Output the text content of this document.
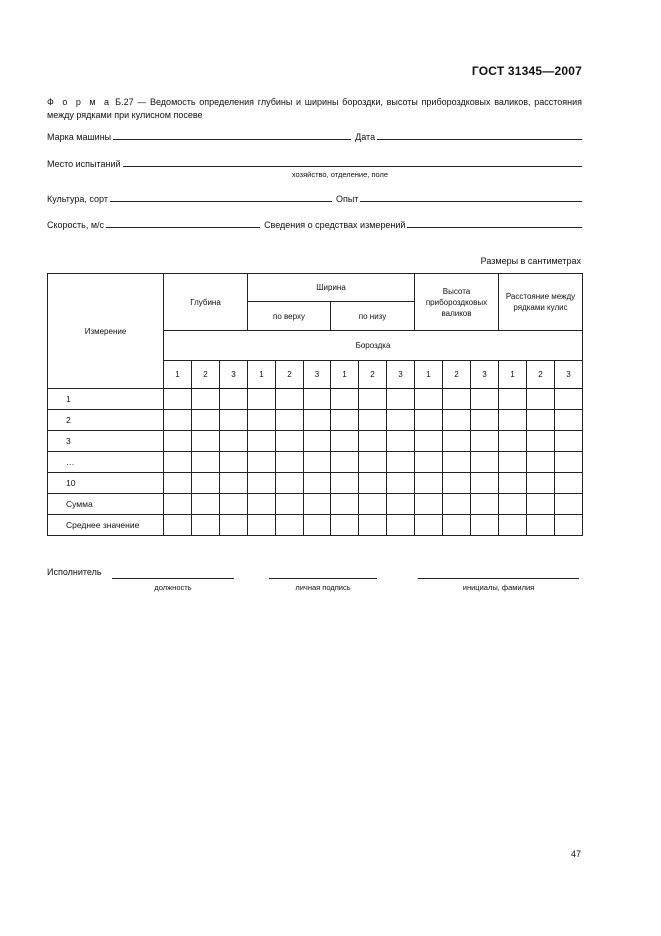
ГОСТ 31345—2007
Ф о р м а Б.27 — Ведомость определения глубины и ширины бороздки, высоты прибороздковых валиков, расстояния между рядками при кулисном посеве
Марка машины	Дата
Место испытаний
хозяйство, отделение, поле
Культура, сорт	Опыт
Скорость, м/с	Сведения о средствах измерений
Размеры в сантиметрах
Измерение	Глубина			Ширина						Высота прибороздковых валиков			Расстояние между рядками кулис		
				по верху			по низу								
	Бороздка														
	1	2	3	1	2	3	1	2	3	1	2	3	1	2	3
1															
2															
3															
…															
10															
Сумма															
Среднее значение															
Исполнитель
должность	личная подпись	инициалы, фамилия
47
